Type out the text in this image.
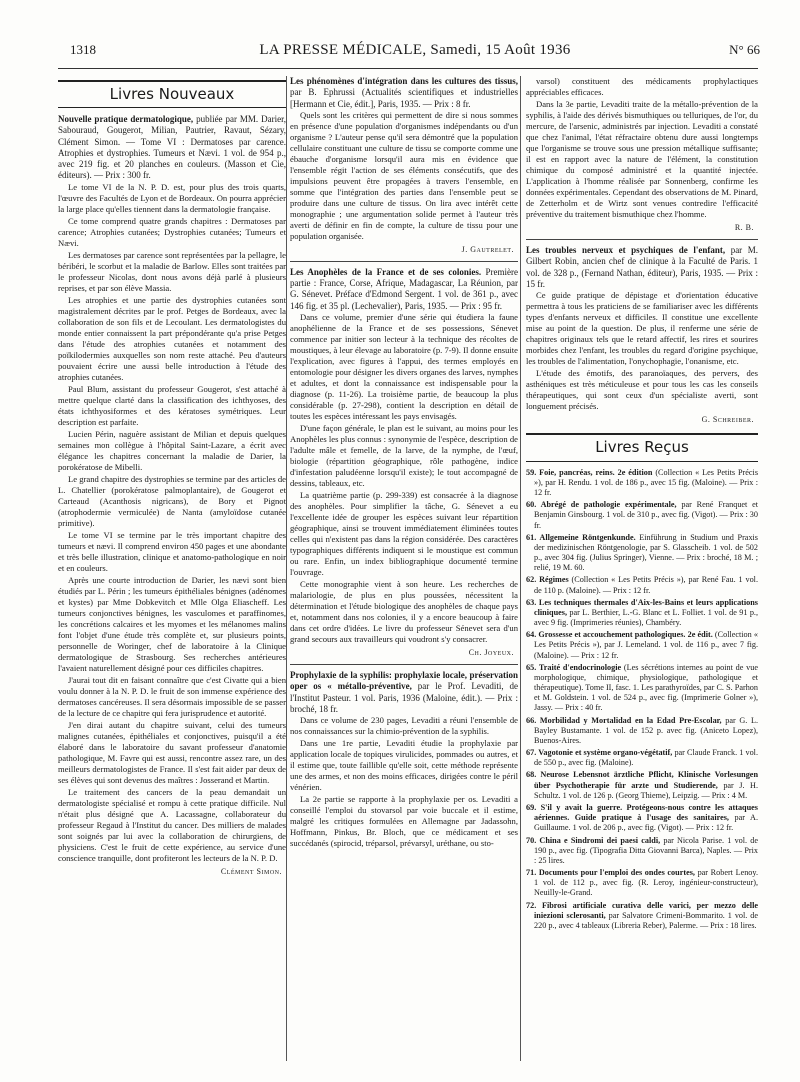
1318	LA PRESSE MÉDICALE, Samedi, 15 Août 1936	N° 66
Livres Nouveaux
Nouvelle pratique dermatologique, publiée par MM. Darier, Sabouraud, Gougerot, Milian, Pautrier, Ravaut, Sézary, Clément Simon. — Tome VI : Dermatoses par carence. Atrophies et dystrophies. Tumeurs et Nævi. 1 vol. de 954 p., avec 219 fig. et 20 planches en couleurs. (Masson et Cie, éditeurs). — Prix : 300 fr.

Le tome VI de la N. P. D. est, pour plus des trois quarts, l'œuvre des Facultés de Lyon et de Bordeaux. On pourra apprécier la large place qu'elles tiennent dans la dermatologie française.

Ce tome comprend quatre grands chapitres : Dermatoses par carence; Atrophies cutanées; Dystrophies cutanées; Tumeurs et Nævi.

Les dermatoses par carence sont représentées par la pellagre, le béribéri, le scorbut et la maladie de Barlow. Elles sont traitées par le professeur Nicolas, dont nous avons déjà parlé à plusieurs reprises, et par son élève Massia.

Les atrophies et une partie des dystrophies cutanées sont magistralement décrites par le prof. Petges de Bordeaux, avec la collaboration de son fils et de Lecoulant. Les dermatologistes du monde entier connaissent la part prépondérante qu'a prise Petges dans l'étude des atrophies cutanées et notamment des poïkilodermies auxquelles son nom reste attaché. Peu d'auteurs pouvaient écrire une aussi belle introduction à l'étude des atrophies cutanées.

Paul Blum, assistant du professeur Gougerot, s'est attaché à mettre quelque clarté dans la classification des ichthyoses, des états ichthyosiformes et des kératoses symétriques. Leur description est parfaite.

Lucien Périn, naguère assistant de Milian et depuis quelques semaines mon collègue à l'hôpital Saint-Lazare, a écrit avec élégance les chapitres concernant la maladie de Darier, la porokératose de Mibelli.

Le grand chapitre des dystrophies se termine par des articles de L. Chatellier (porokératose palmoplantaire), de Gougerot et Carteaud (Acanthosis nigricans), de Bory et Pignot (atrophodermie vermiculée) de Nanta (amyloïdose cutanée primitive).

Le tome VI se termine par le très important chapitre des tumeurs et nævi. Il comprend environ 450 pages et une abondante et très belle illustration, clinique et anatomo-pathologique en noir et en couleurs.

Après une courte introduction de Darier, les nævi sont bien étudiés par L. Périn ; les tumeurs épithéliales bénignes (adénomes et kystes) par Mme Dobkevitch et Mlle Olga Eliascheff. Les tumeurs conjonctives bénignes, les vasculomes et paraffinomes, les concrétions calcaires et les myomes et les mélanomes malins font l'objet d'une étude très complète et, sur plusieurs points, personnelle de Woringer, chef de laboratoire à la Clinique dermatologique de Strasbourg. Ses recherches antérieures l'avaient naturellement désigné pour ces difficiles chapitres.

J'aurai tout dit en faisant connaître que c'est Civatte qui a bien voulu donner à la N. P. D. le fruit de son immense expérience des dermatoses cancéreuses. Il sera désormais impossible de se passer de la lecture de ce chapitre qui fera jurisprudence et autorité.

J'en dirai autant du chapitre suivant, celui des tumeurs malignes cutanées, épithéliales et conjonctives, puisqu'il a été élaboré dans le laboratoire du savant professeur d'anatomie pathologique, M. Favre qui est aussi, rencontre assez rare, un des meilleurs dermatologistes de France. Il s'est fait aider par deux de ses élèves qui sont devenus des maîtres : Josserand et Martin.

Le traitement des cancers de la peau demandait un dermatologiste spécialisé et rompu à cette pratique difficile. Nul n'était plus désigné que A. Lacassagne, collaborateur du professeur Regaud à l'Institut du cancer. Des milliers de malades sont soignés par lui avec la collaboration de chirurgiens, de physiciens. C'est le fruit de cette expérience, au service d'une conscience tranquille, dont profiteront les lecteurs de la N. P. D.

Clément Simon.
Les phénomènes d'intégration dans les cultures des tissus, par B. Ephrussi (Actualités scientifiques et industrielles [Hermann et Cie, édit.], Paris, 1935. — Prix : 8 fr.

Quels sont les critères qui permettent de dire si nous sommes en présence d'une population d'organismes indépendants ou d'un organisme ? L'auteur pense qu'il sera démontré que la population cellulaire constituant une culture de tissu se comporte comme une ébauche d'organisme lorsqu'il aura mis en évidence que l'ensemble régit l'action de ses éléments consécutifs, que des impulsions peuvent être propagées à travers l'ensemble, en somme que l'intégration des parties dans l'ensemble peut se produire dans une culture de tissus. On lira avec intérêt cette monographie ; une argumentation solide permet à l'auteur très averti de définir en fin de compte, la culture de tissu pour une population organisée.

J. Gautrelet.
Les Anophèles de la France et de ses colonies. Première partie : France, Corse, Afrique, Madagascar, La Réunion, par G. Sénevet. Préface d'Edmond Sergent. 1 vol. de 361 p., avec 146 fig. et 35 pl. (Lechevalier), Paris, 1935. — Prix : 95 fr.

Dans ce volume, premier d'une série qui étudiera la faune anophélienne de la France et de ses possessions, Sénevet commence par initier son lecteur à la technique des récoltes de moustiques, à leur élevage au laboratoire (p. 7-9). Il donne ensuite l'explication, avec figures à l'appui, des termes employés en entomologie pour désigner les divers organes des larves, nymphes et adultes, et dont la connaissance est indispensable pour la diagnose (p. 11-26). La troisième partie, de beaucoup la plus considérable (p. 27-298), contient la description en détail de toutes les espèces intéressant les pays envisagés.

D'une façon générale, le plan est le suivant, au moins pour les Anophèles les plus connus : synonymie de l'espèce, description de l'adulte mâle et femelle, de la larve, de la nymphe, de l'œuf, biologie (répartition géographique, rôle pathogène, indice d'infestation paludéenne lorsqu'il existe); le tout accompagné de dessins, tableaux, etc.

La quatrième partie (p. 299-339) est consacrée à la diagnose des anophèles. Pour simplifier la tâche, G. Sénevet a eu l'excellente idée de grouper les espèces suivant leur répartition géographique, ainsi se trouvent immédiatement éliminées toutes celles qui n'existent pas dans la région considérée. Des caractères typographiques différents indiquent si le moustique est commun ou rare. Enfin, un index bibliographique documenté termine l'ouvrage.

Cette monographie vient à son heure. Les recherches de malariologie, de plus en plus poussées, nécessitent la détermination et l'étude biologique des anophèles de chaque pays et, notamment dans nos colonies, il y a encore beaucoup à faire dans cet ordre d'idées. Le livre du professeur Sénevet sera d'un grand secours aux travailleurs qui voudront s'y consacrer.

Ch. Joyeux.
Prophylaxie de la syphilis: prophylaxie locale, préservation oper os « métallo-préventive, par le Prof. Levaditi, de l'Institut Pasteur. 1 vol. Paris, 1936 (Maloine, édit.). — Prix : broché, 18 fr.

Dans ce volume de 230 pages, Levaditi a réuni l'ensemble de nos connaissances sur la chimio-prévention de la syphilis.

Dans une 1re partie, Levaditi étudie la prophylaxie par application locale de topiques virulicides, pommades ou autres, et il estime que, toute faillible qu'elle soit, cette méthode représente une des armes, et non des moins efficaces, dirigées contre le péril vénérien.

La 2e partie se rapporte à la prophylaxie per os. Levaditi a conseillé l'emploi du stovarsol par voie buccale et il estime, malgré les critiques formulées en Allemagne par Jadassohn, Hoffmann, Pinkus, Br. Bloch, que ce médicament et ses succédanés (spirocid, tréparsol, prévarsyl, uréthane, ou sto-

varsol) constituent des médicaments prophylactiques appréciables efficaces.

Dans la 3e partie, Levaditi traite de la métallo-prévention de la syphilis, à l'aide des dérivés bismuthiques ou telluriques, de l'or, du mercure, de l'arsenic, administrés par injection. Levaditi a constaté que chez l'animal, l'état réfractaire obtenu dure aussi longtemps que l'organisme se trouve sous une pression métallique suffisante; il est en rapport avec la nature de l'élément, la constitution chimique du composé administré et la quantité injectée. L'application à l'homme réalisée par Sonnenberg, confirme les données expérimentales. Cependant des observations de M. Pinard, de Zetterholm et de Wirtz sont venues contredire l'efficacité préventive du traitement bismuthique chez l'homme.

R. B.
Les troubles nerveux et psychiques de l'enfant, par M. Gilbert Robin, ancien chef de clinique à la Faculté de Paris. 1 vol. de 328 p., (Fernand Nathan, éditeur), Paris, 1935. — Prix : 15 fr.

Ce guide pratique de dépistage et d'orientation éducative permettra à tous les praticiens de se familiariser avec les différents types d'enfants nerveux et difficiles. Il constitue une excellente mise au point de la question. De plus, il renferme une série de chapitres originaux tels que le retard affectif, les rires et sourires morbides chez l'enfant, les troubles du regard d'origine psychique, les troubles de l'alimentation, l'onychophagie, l'onanisme, etc.

L'étude des émotifs, des paranoïaques, des pervers, des asthéniques est très méticuleuse et pour tous les cas les conseils thérapeutiques, qui sont ceux d'un spécialiste averti, sont longuement précisés.

G. Schreiber.
Livres Reçus
59. Foie, pancréas, reins. 2e édition (Collection « Les Petits Précis »), par H. Rendu. 1 vol. de 186 p., avec 15 fig. (Maloine). — Prix : 12 fr.
60. Abrégé de pathologie expérimentale, par René Franquet et Benjamin Ginsbourg. 1 vol. de 310 p., avec fig. (Vigot). — Prix : 30 fr.
61. Allgemeine Röntgenkunde. Einführung in Studium und Praxis der medizinischen Röntgenologie, par S. Glasscheib. 1 vol. de 502 p., avec 304 fig. (Julius Springer), Vienne. — Prix : broché, 18 M. ; relié, 19 M. 60.
62. Régimes (Collection « Les Petits Précis »), par René Fau. 1 vol. de 110 p. (Maloine). — Prix : 12 fr.
63. Les techniques thermales d'Aix-les-Bains et leurs applications cliniques, par L. Berthier, L.-G. Blanc et L. Folliet. 1 vol. de 91 p., avec 9 fig. (Imprimeries réunies), Chambéry.
64. Grossesse et accouchement pathologiques. 2e édit. (Collection « Les Petits Précis »), par J. Lemeland. 1 vol. de 116 p., avec 7 fig. (Maloine). — Prix : 12 fr.
65. Traité d'endocrinologie (Les sécrétions internes au point de vue morphologique, chimique, physiologique, pathologique et thérapeutique). Tome II, fasc. 1. Les parathyroïdes, par C. S. Parhon et M. Goldstein. 1 vol. de 524 p., avec fig. (Imprimerie Golner »), Jassy. — Prix : 40 fr.
66. Morbilidad y Mortalidad en la Edad Pre-Escolar, par G. L. Bayley Bustamante. 1 vol. de 152 p. avec fig. (Aniceto Lopez), Buenos-Aires.
67. Vagotonie et système organo-végétatif, par Claude Franck. 1 vol. de 550 p., avec fig. (Maloine).
68. Neurose Lebensnot ärztliche Pflicht, Klinische Vorlesungen über Psychotherapie für arzte und Studierende, par J. H. Schultz. 1 vol. de 126 p. (Georg Thieme), Leipzig. — Prix : 4 M.
69. S'il y avait la guerre. Protégeons-nous contre les attaques aériennes. Guide pratique à l'usage des sanitaires, par A. Guillaume. 1 vol. de 206 p., avec fig. (Vigot). — Prix : 12 fr.
70. China e Sindromi dei paesi caldi, par Nicola Parise. 1 vol. de 190 p., avec fig. (Tipografia Ditta Giovanni Barca), Naples. — Prix : 25 lires.
71. Documents pour l'emploi des ondes courtes, par Robert Lenoy. 1 vol. de 112 p., avec fig. (R. Leroy, ingénieur-constructeur), Neuilly-le-Grand.
72. Fibrosi artificiale curativa delle varici, per mezzo delle iniezioni sclerosanti, par Salvatore Crimeni-Bommarito. 1 vol. de 220 p., avec 4 tableaux (Libreria Reber), Palerme. — Prix : 18 lires.
